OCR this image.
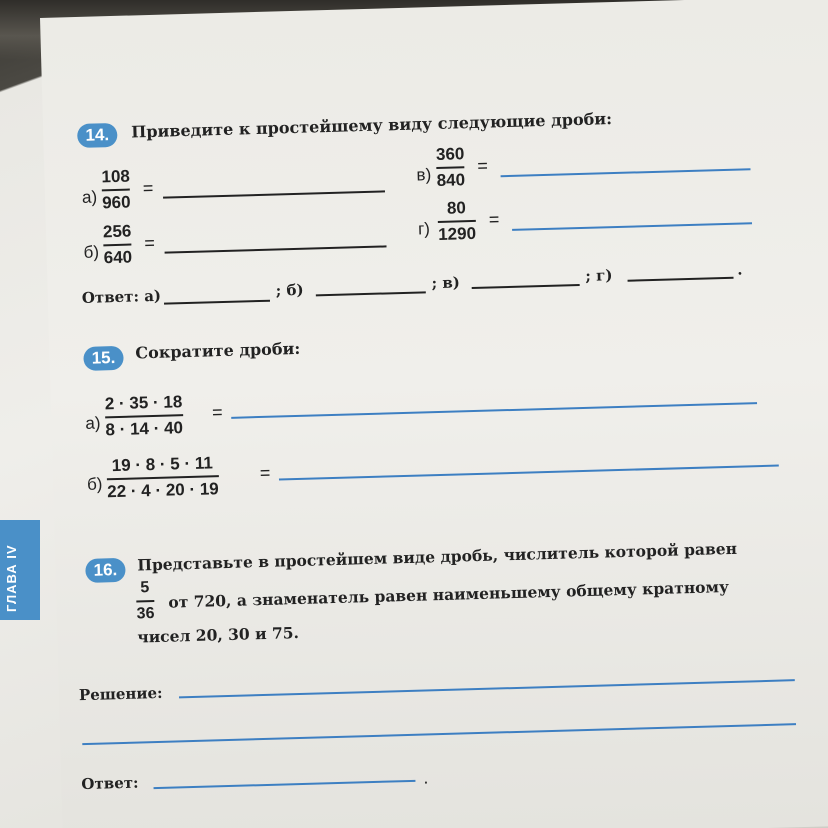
ГЛАВА IV
14.	Приведите к простейшему виду следующие дроби:
а)
108
960
=
б)
256
640
=
в)
360
840
=
г)
80
1290
=
Ответ: а)	; б)	; в)	; г)	.
15.	Сократите дроби:
а)
2 · 35 · 18
8 · 14 · 40
=
б)
19 · 8 · 5 · 11
22 · 4 · 20 · 19
=
16.	Представьте в простейшем виде дробь, числитель которой равен
5
36
от 720, а знаменатель равен наименьшему общему кратному
чисел 20, 30 и 75.
Решение:
Ответ:	.
